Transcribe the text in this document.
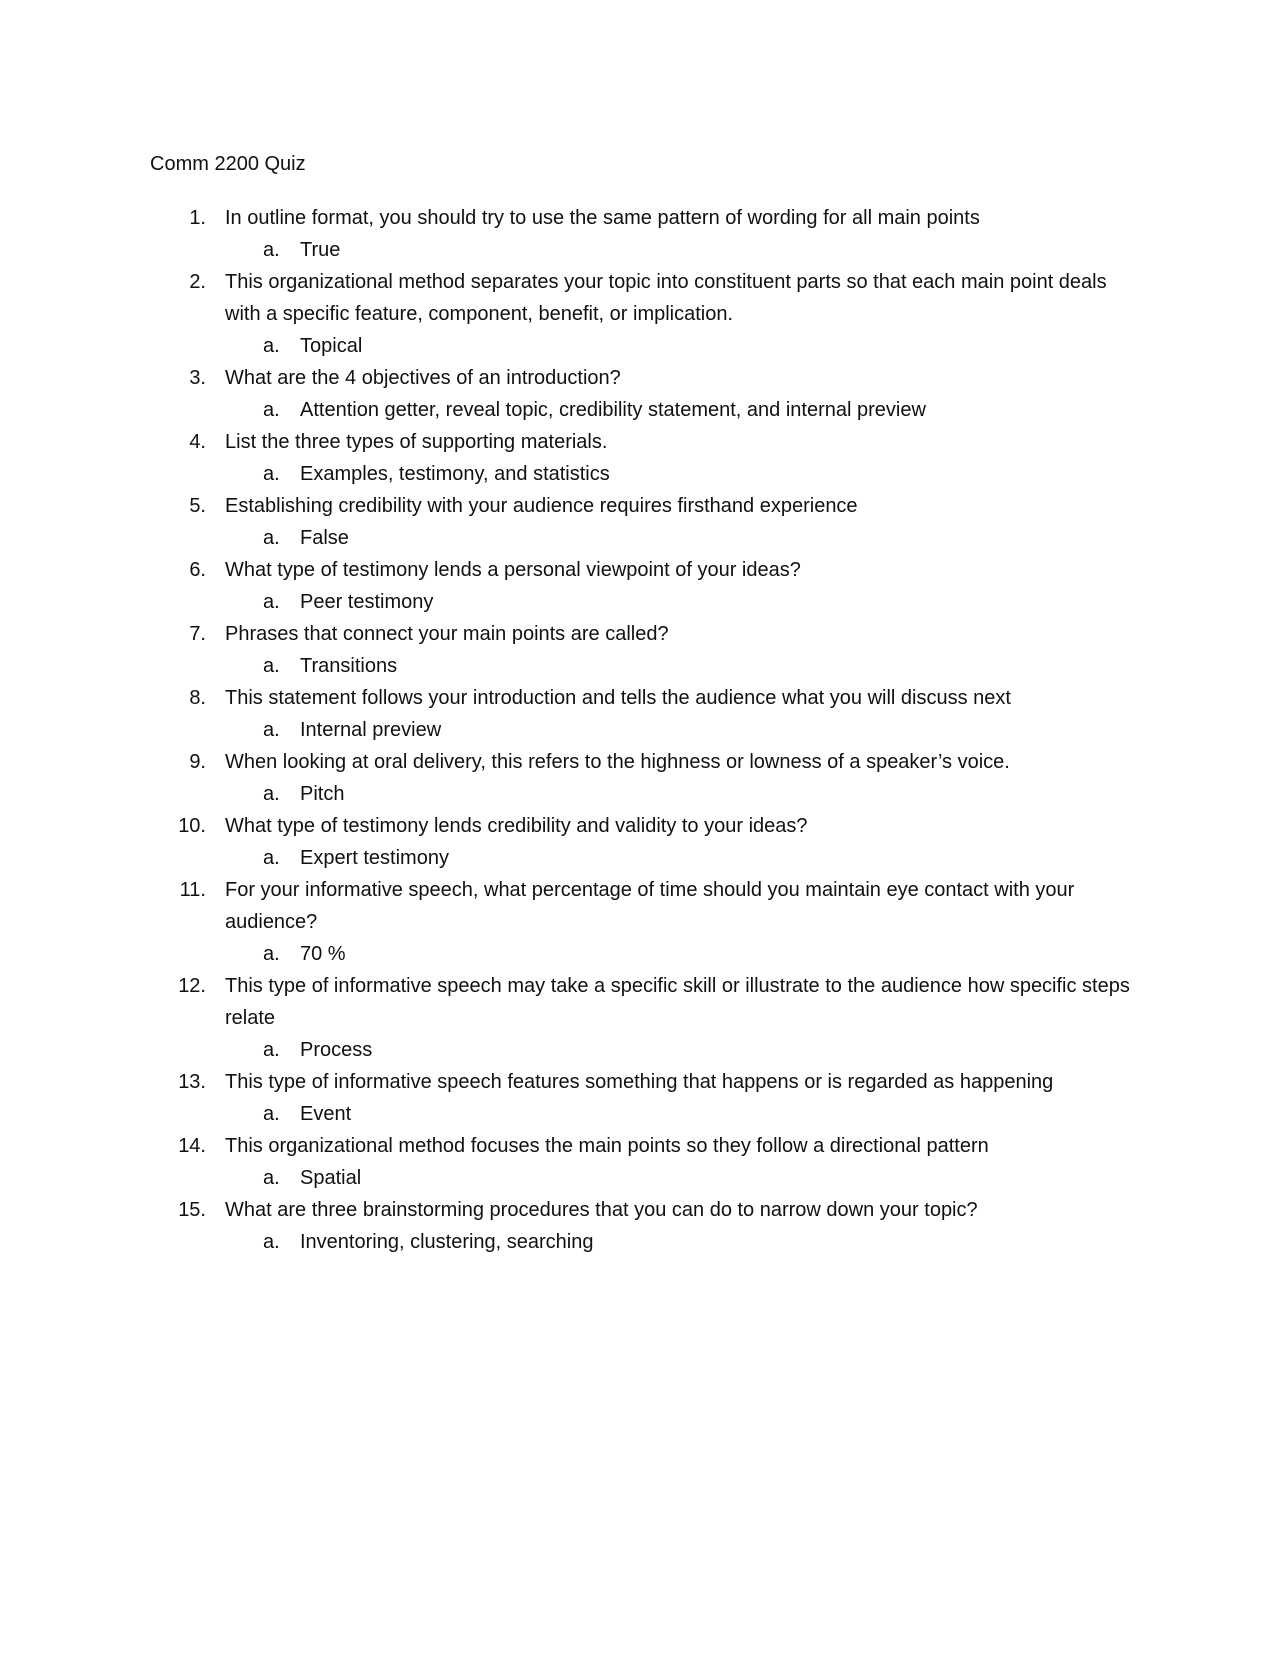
Comm 2200 Quiz
1. In outline format, you should try to use the same pattern of wording for all main points
a. True
2. This organizational method separates your topic into constituent parts so that each main point deals with a specific feature, component, benefit, or implication.
a. Topical
3. What are the 4 objectives of an introduction?
a. Attention getter, reveal topic, credibility statement, and internal preview
4. List the three types of supporting materials.
a. Examples, testimony, and statistics
5. Establishing credibility with your audience requires firsthand experience
a. False
6. What type of testimony lends a personal viewpoint of your ideas?
a. Peer testimony
7. Phrases that connect your main points are called?
a. Transitions
8. This statement follows your introduction and tells the audience what you will discuss next
a. Internal preview
9. When looking at oral delivery, this refers to the highness or lowness of a speaker’s voice.
a. Pitch
10. What type of testimony lends credibility and validity to your ideas?
a. Expert testimony
11. For your informative speech, what percentage of time should you maintain eye contact with your audience?
a. 70 %
12. This type of informative speech may take a specific skill or illustrate to the audience how specific steps relate
a. Process
13. This type of informative speech features something that happens or is regarded as happening
a. Event
14. This organizational method focuses the main points so they follow a directional pattern
a. Spatial
15. What are three brainstorming procedures that you can do to narrow down your topic?
a. Inventoring, clustering, searching
